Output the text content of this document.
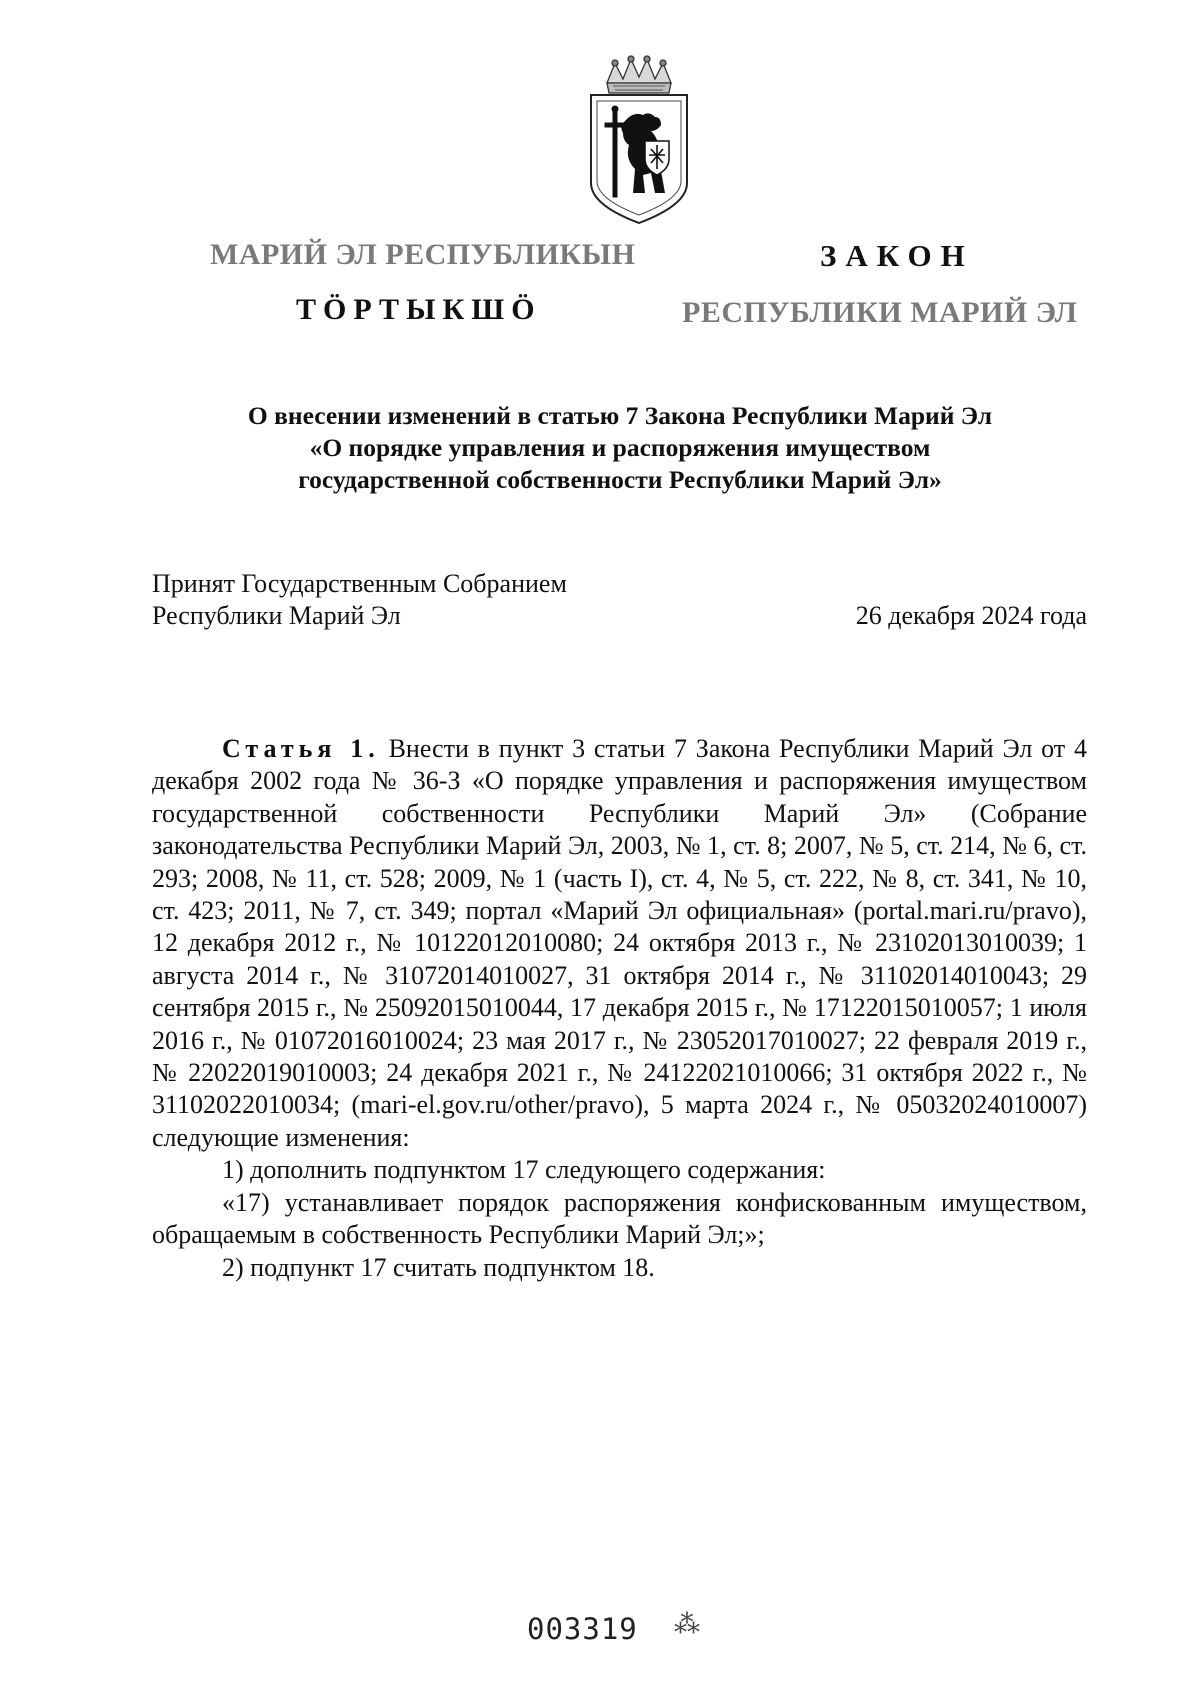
МАРИЙ ЭЛ РЕСПУБЛИКЫН
ТӦРТЫКШӦ
ЗАКОН
РЕСПУБЛИКИ МАРИЙ ЭЛ
О внесении изменений в статью 7 Закона Республики Марий Эл
«О порядке управления и распоряжения имуществом
государственной собственности Республики Марий Эл»
Принят Государственным Собранием
Республики Марий Эл	26 декабря 2024 года

Статья 1. Внести в пункт 3 статьи 7 Закона Республики Марий Эл от 4 декабря 2002 года № 36-З «О порядке управления и распоряжения имуществом государственной собственности Республики Марий Эл» (Собрание законодательства Республики Марий Эл, 2003, № 1, ст. 8; 2007, № 5, ст. 214, № 6, ст. 293; 2008, № 11, ст. 528; 2009, № 1 (часть I), ст. 4, № 5, ст. 222, № 8, ст. 341, № 10, ст. 423; 2011, № 7, ст. 349; портал «Марий Эл официальная» (portal.mari.ru/pravo), 12 декабря 2012 г., № 10122012010080; 24 октября 2013 г., № 23102013010039; 1 августа 2014 г., № 31072014010027, 31 октября 2014 г., № 31102014010043; 29 сентября 2015 г., № 25092015010044, 17 декабря 2015 г., № 17122015010057; 1 июля 2016 г., № 01072016010024; 23 мая 2017 г., № 23052017010027; 22 февраля 2019 г., № 22022019010003; 24 декабря 2021 г., № 24122021010066; 31 октября 2022 г., № 31102022010034; (mari-el.gov.ru/other/pravo), 5 марта 2024 г., № 05032024010007) следующие изменения:

1) дополнить подпунктом 17 следующего содержания:

«17) устанавливает порядок распоряжения конфискованным имуществом, обращаемым в собственность Республики Марий Эл;»;

2) подпункт 17 считать подпунктом 18.

003319 ⁂
